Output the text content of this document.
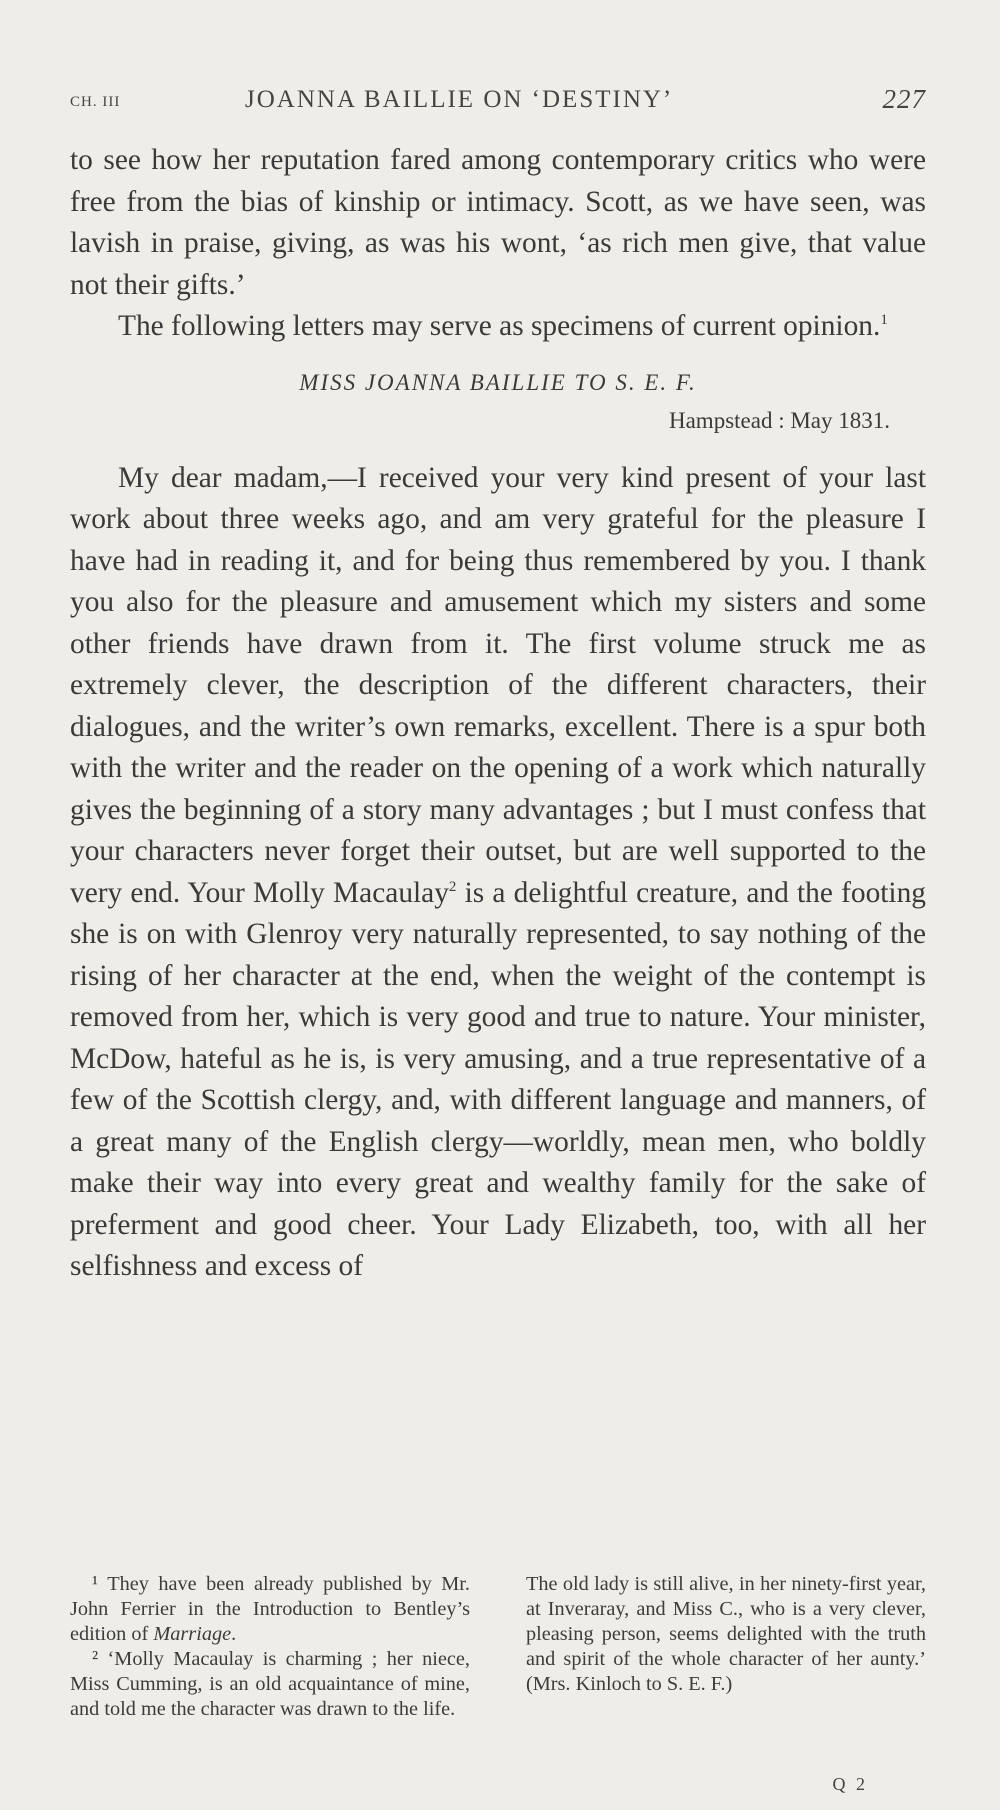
CH. III	JOANNA BAILLIE ON ‘DESTINY’	227

to see how her reputation fared among contemporary critics who were free from the bias of kinship or intimacy. Scott, as we have seen, was lavish in praise, giving, as was his wont, ‘as rich men give, that value not their gifts.’

The following letters may serve as specimens of current opinion.$^1$

MISS JOANNA BAILLIE TO S. E. F.
Hampstead : May 1831.

My dear madam,—I received your very kind present of your last work about three weeks ago, and am very grateful for the pleasure I have had in reading it, and for being thus remembered by you. I thank you also for the pleasure and amusement which my sisters and some other friends have drawn from it. The first volume struck me as extremely clever, the description of the different characters, their dialogues, and the writer’s own remarks, excellent. There is a spur both with the writer and the reader on the opening of a work which naturally gives the beginning of a story many advantages ; but I must confess that your characters never forget their outset, but are well supported to the very end. Your Molly Macaulay$^2$ is a delightful creature, and the footing she is on with Glenroy very naturally represented, to say nothing of the rising of her character at the end, when the weight of the contempt is removed from her, which is very good and true to nature. Your minister, McDow, hateful as he is, is very amusing, and a true representative of a few of the Scottish clergy, and, with different language and manners, of a great many of the English clergy—worldly, mean men, who boldly make their way into every great and wealthy family for the sake of preferment and good cheer. Your Lady Elizabeth, too, with all her selfishness and excess of

¹ They have been already published by Mr. John Ferrier in the Introduction to Bentley’s edition of Marriage.

² ‘Molly Macaulay is charming ; her niece, Miss Cumming, is an old acquaintance of mine, and told me the character was drawn to the life.

The old lady is still alive, in her ninety-first year, at Inveraray, and Miss C., who is a very clever, pleasing person, seems delighted with the truth and spirit of the whole character of her aunty.’ (Mrs. Kinloch to S. E. F.)

Q 2
